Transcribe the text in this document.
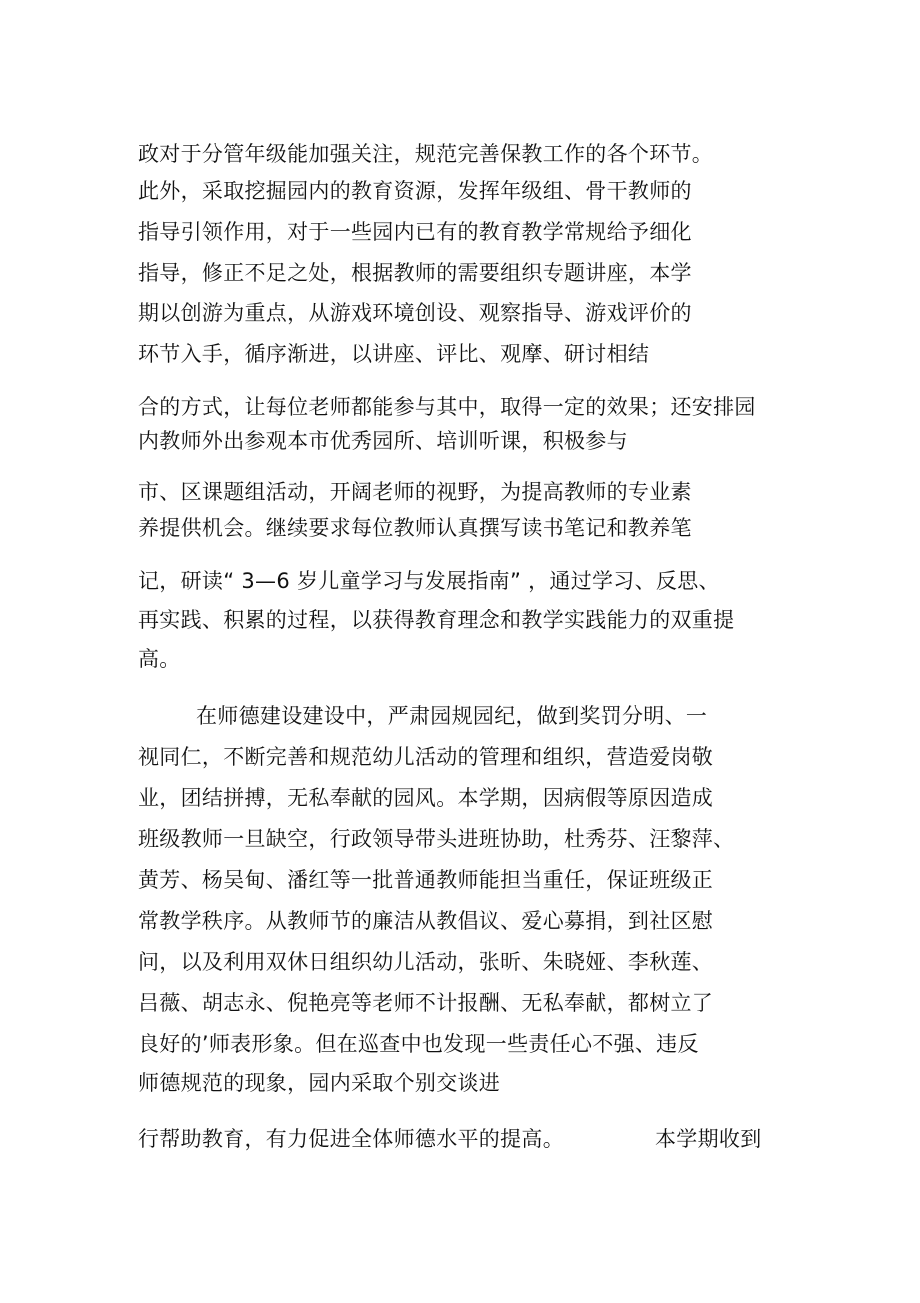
政对于分管年级能加强关注，规范完善保教工作的各个环节。
此外，采取挖掘园内的教育资源，发挥年级组、骨干教师的
指导引领作用，对于一些园内已有的教育教学常规给予细化
指导，修正不足之处，根据教师的需要组织专题讲座，本学
期以创游为重点，从游戏环境创设、观察指导、游戏评价的
环节入手，循序渐进，以讲座、评比、观摩、研讨相结
合的方式，让每位老师都能参与其中，取得一定的效果；还安排园
内教师外出参观本市优秀园所、培训听课，积极参与
市、区课题组活动，开阔老师的视野，为提高教师的专业素
养提供机会。继续要求每位教师认真撰写读书笔记和教养笔
记，研读“ 3—6 岁儿童学习与发展指南” ，通过学习、反思、
再实践、积累的过程，以获得教育理念和教学实践能力的双重提
高。
在师德建设建设中，严肃园规园纪，做到奖罚分明、一
视同仁，不断完善和规范幼儿活动的管理和组织，营造爱岗敬
业，团结拼搏，无私奉献的园风。本学期，因病假等原因造成
班级教师一旦缺空，行政领导带头进班协助，杜秀芬、汪黎萍、
黄芳、杨吴甸、潘红等一批普通教师能担当重任，保证班级正
常教学秩序。从教师节的廉洁从教倡议、爱心募捐，到社区慰
问，以及利用双休日组织幼儿活动，张昕、朱晓娅、李秋莲、
吕薇、胡志永、倪艳亮等老师不计报酬、无私奉献，都树立了
良好的’师表形象。但在巡查中也发现一些责任心不强、违反
师德规范的现象，园内采取个别交谈进
行帮助教育，有力促进全体师德水平的提高。	本学期收到
